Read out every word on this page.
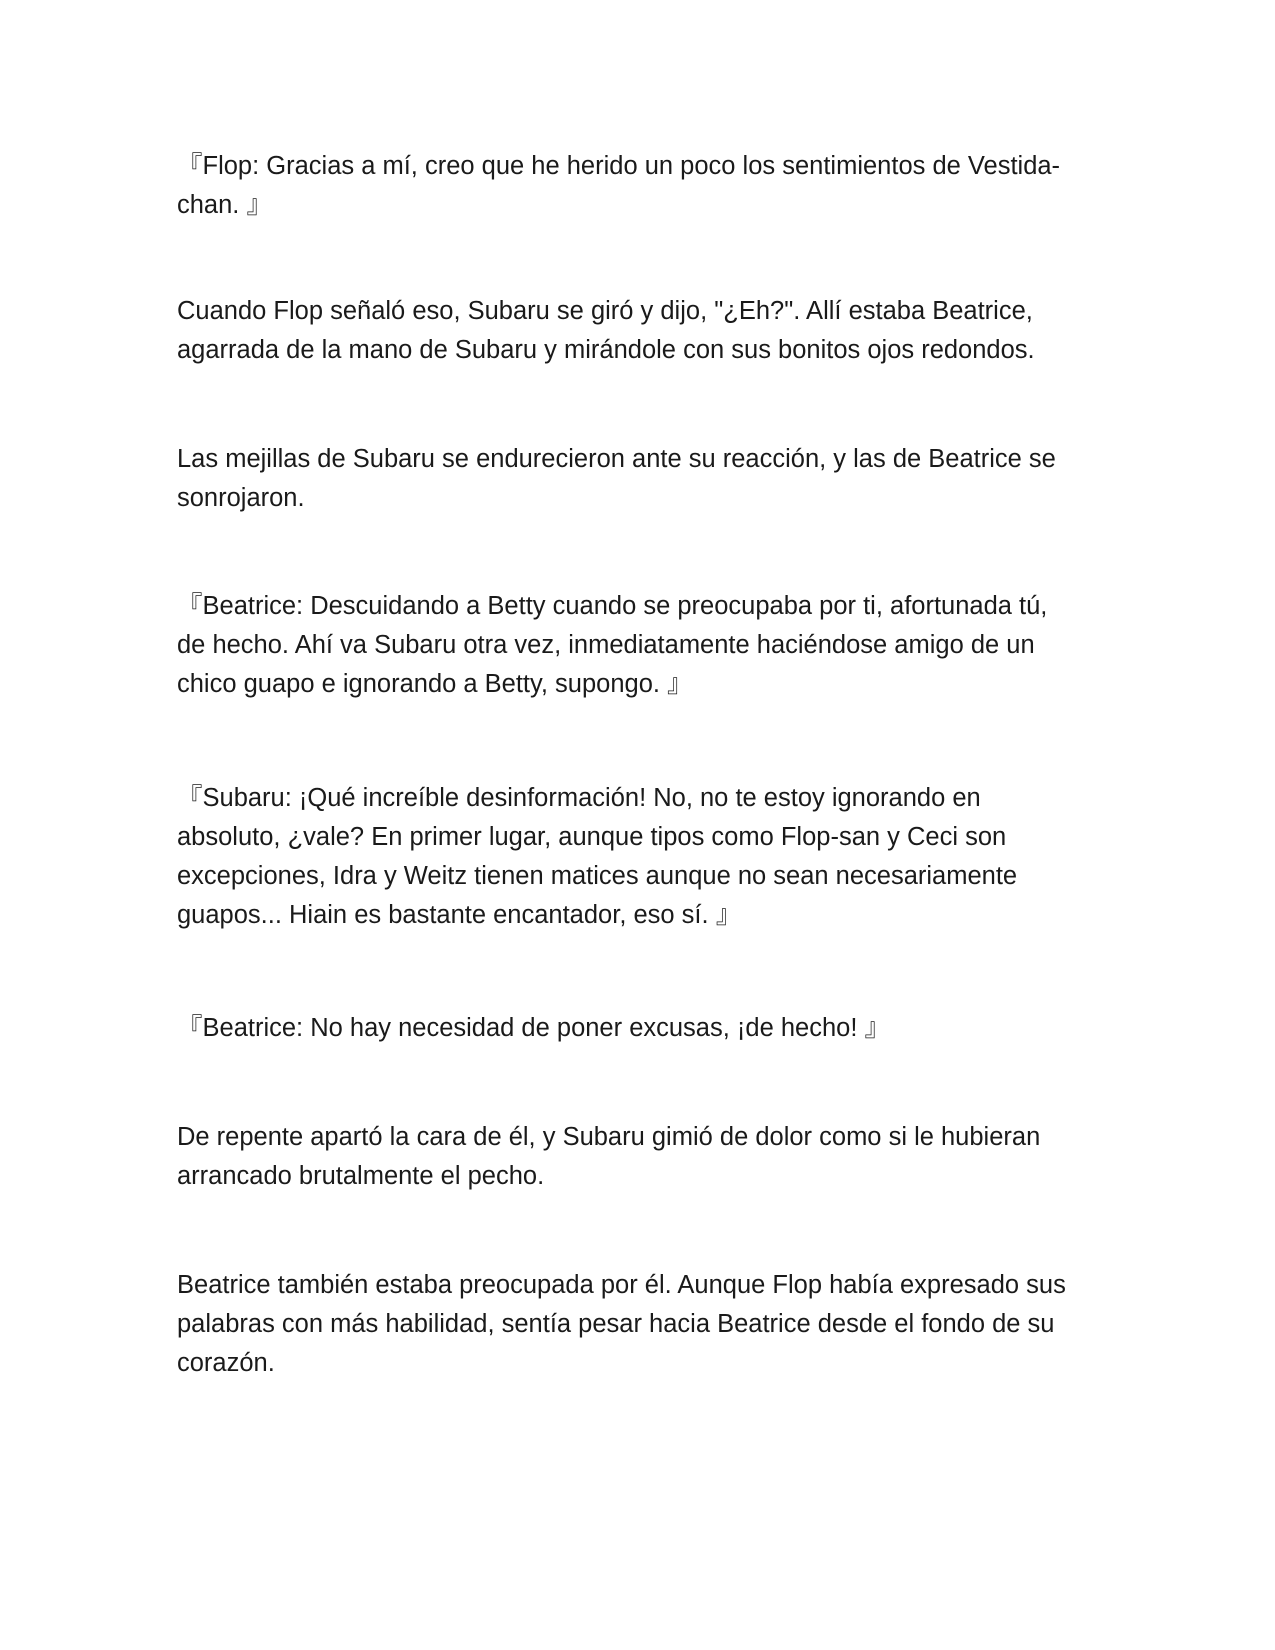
『Flop: Gracias a mí, creo que he herido un poco los sentimientos de Vestida-
chan. 』

Cuando Flop señaló eso, Subaru se giró y dijo, "¿Eh?". Allí estaba Beatrice,
agarrada de la mano de Subaru y mirándole con sus bonitos ojos redondos.

Las mejillas de Subaru se endurecieron ante su reacción, y las de Beatrice se
sonrojaron.

『Beatrice: Descuidando a Betty cuando se preocupaba por ti, afortunada tú,
de hecho. Ahí va Subaru otra vez, inmediatamente haciéndose amigo de un
chico guapo e ignorando a Betty, supongo. 』

『Subaru: ¡Qué increíble desinformación! No, no te estoy ignorando en
absoluto, ¿vale? En primer lugar, aunque tipos como Flop-san y Ceci son
excepciones, Idra y Weitz tienen matices aunque no sean necesariamente
guapos... Hiain es bastante encantador, eso sí. 』

『Beatrice: No hay necesidad de poner excusas, ¡de hecho! 』

De repente apartó la cara de él, y Subaru gimió de dolor como si le hubieran
arrancado brutalmente el pecho.

Beatrice también estaba preocupada por él. Aunque Flop había expresado sus
palabras con más habilidad, sentía pesar hacia Beatrice desde el fondo de su
corazón.
